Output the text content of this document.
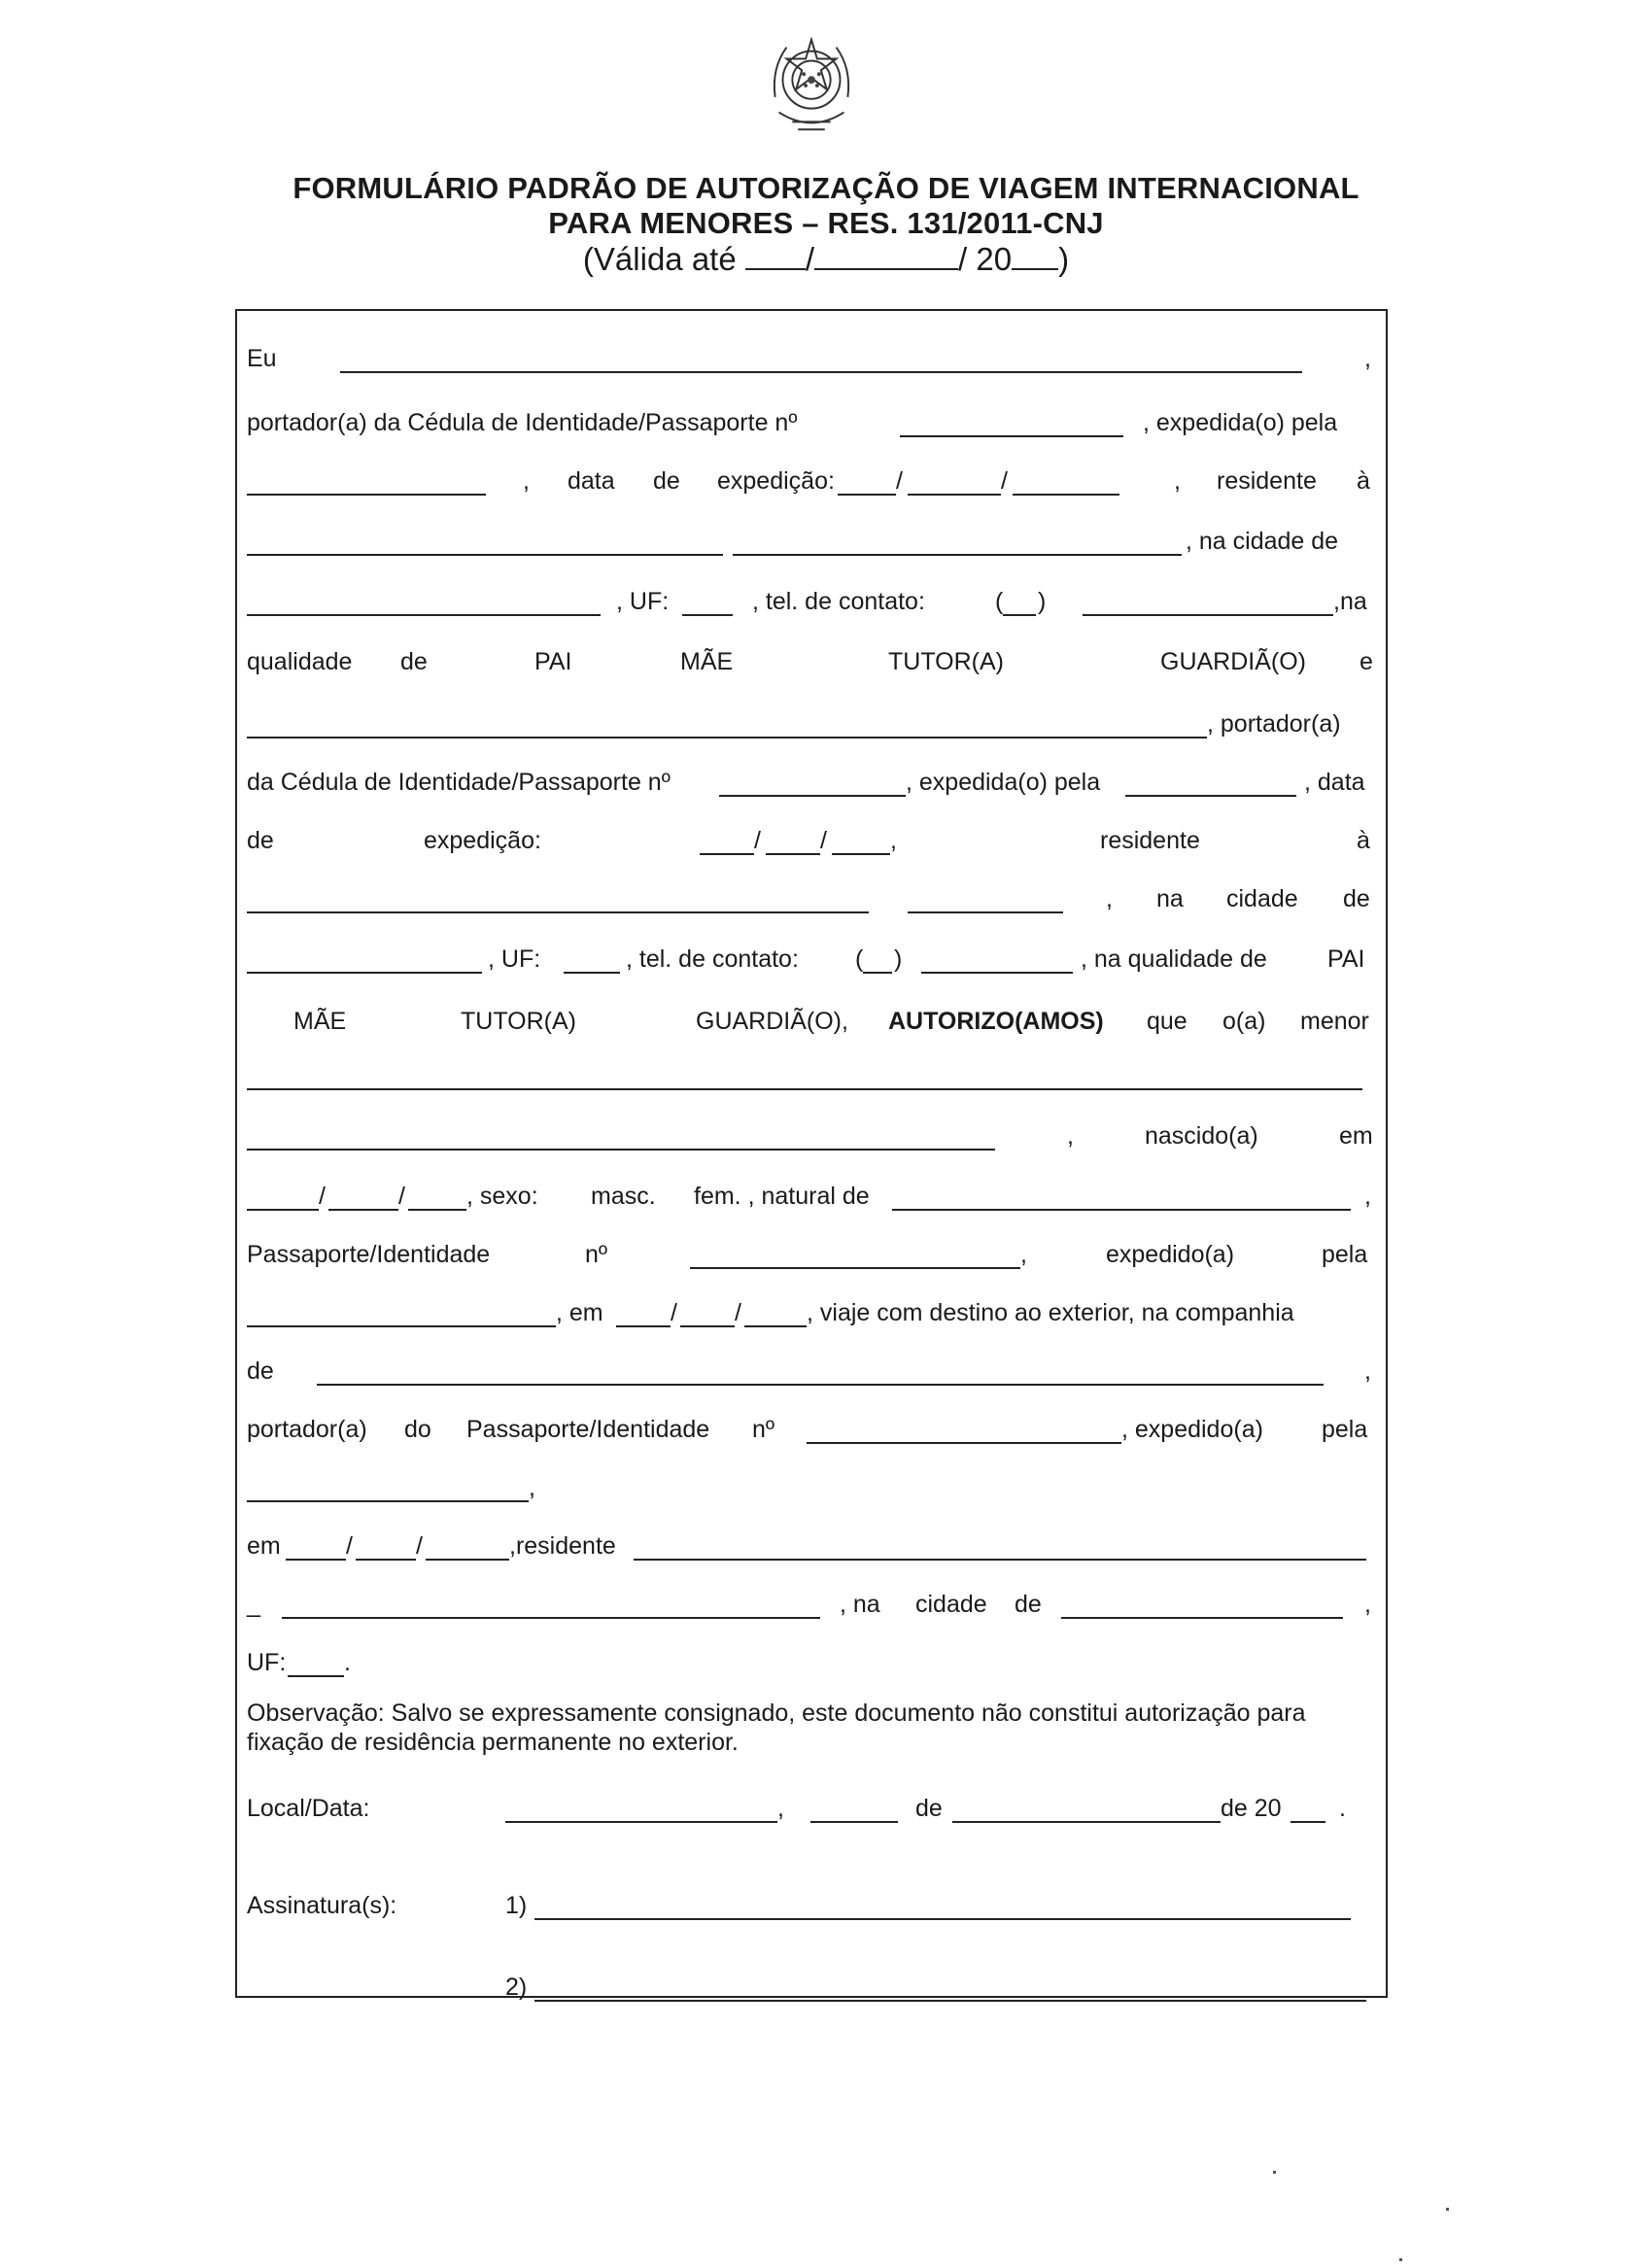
FORMULÁRIO PADRÃO DE AUTORIZAÇÃO DE VIAGEM INTERNACIONAL
PARA MENORES – RES. 131/2011-CNJ
(Válida até /	/ 20 )
Eu	,
portador(a) da Cédula de Identidade/Passaporte nº	, expedida(o) pela
, data de expedição:	/	/	, residente à
, na cidade de
, UF:	, tel. de contato:	( )	,na
qualidade de	PAI	MÃE	TUTOR(A)	GUARDIÃ(O) e
, portador(a)
da Cédula de Identidade/Passaporte nº	, expedida(o) pela	, data
de	expedição:	/ /	,	residente	à
, na cidade de
, UF:	, tel. de contato: ( )	, na qualidade de PAI
MÃE	TUTOR(A)	GUARDIÃ(O), AUTORIZO(AMOS) que o(a) menor
,	nascido(a)	em
/	/	, sexo: masc. fem. , natural de	,
Passaporte/Identidade	nº	,	expedido(a)	pela
, em	/ /	, viaje com destino ao exterior, na companhia
de	,
portador(a) do Passaporte/Identidade nº	, expedido(a) pela
,
em	/	/	,residente
_	, na cidade de	,
UF: .
Observação: Salvo se expressamente consignado, este documento não constitui autorização para fixação de residência permanente no exterior.
Local/Data:	,	de	de 20 .
Assinatura(s):	1)
2)
